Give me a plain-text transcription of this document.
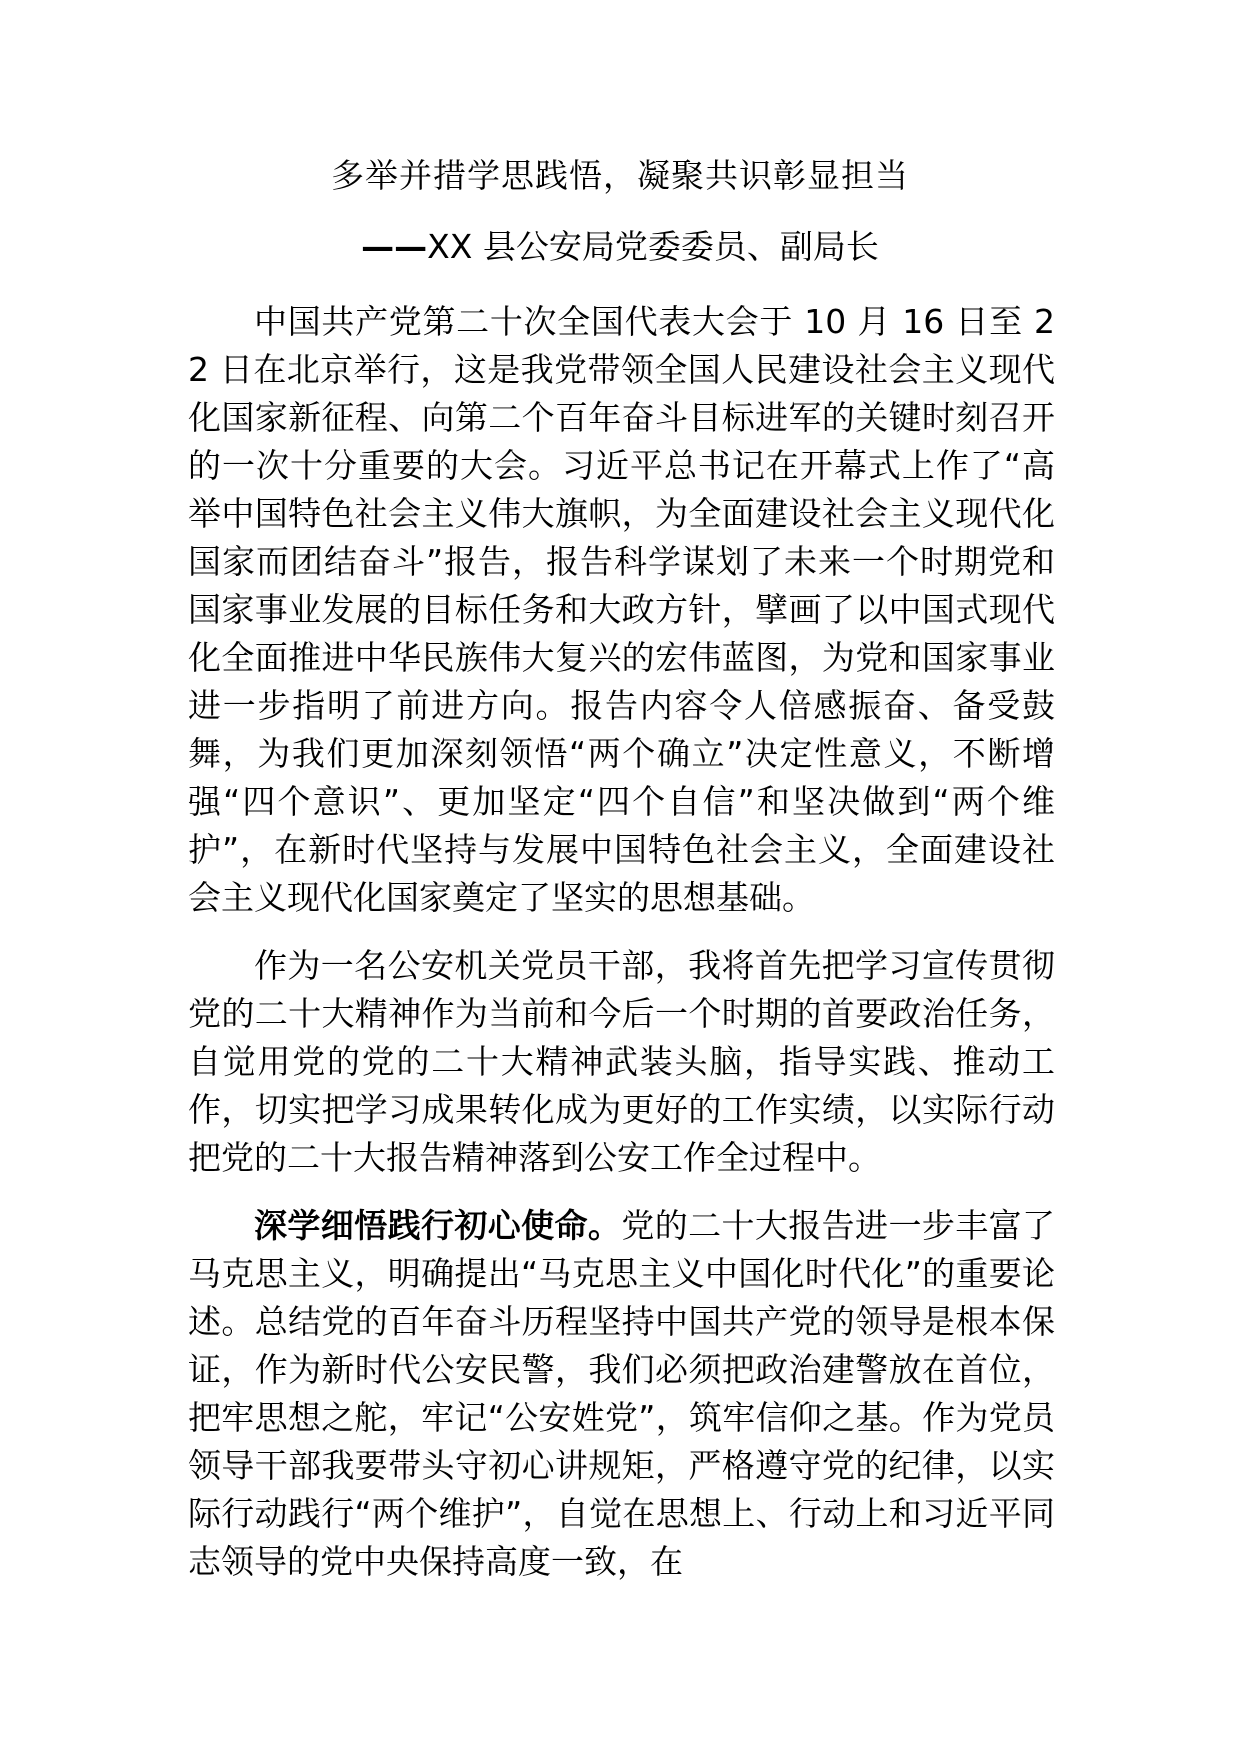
多举并措学思践悟，凝聚共识彰显担当
——XX 县公安局党委委员、副局长

中国共产党第二十次全国代表大会于 10 月 16 日至 22 日在北京举行，这是我党带领全国人民建设社会主义现代化国家新征程、向第二个百年奋斗目标进军的关键时刻召开的一次十分重要的大会。习近平总书记在开幕式上作了“高举中国特色社会主义伟大旗帜，为全面建设社会主义现代化国家而团结奋斗”报告，报告科学谋划了未来一个时期党和国家事业发展的目标任务和大政方针，擘画了以中国式现代化全面推进中华民族伟大复兴的宏伟蓝图，为党和国家事业进一步指明了前进方向。报告内容令人倍感振奋、备受鼓舞，为我们更加深刻领悟“两个确立”决定性意义，不断增强“四个意识”、更加坚定“四个自信”和坚决做到“两个维护”，在新时代坚持与发展中国特色社会主义，全面建设社会主义现代化国家奠定了坚实的思想基础。

作为一名公安机关党员干部，我将首先把学习宣传贯彻党的二十大精神作为当前和今后一个时期的首要政治任务，自觉用党的党的二十大精神武装头脑，指导实践、推动工作，切实把学习成果转化成为更好的工作实绩，以实际行动把党的二十大报告精神落到公安工作全过程中。

深学细悟践行初心使命。党的二十大报告进一步丰富了马克思主义，明确提出“马克思主义中国化时代化”的重要论述。总结党的百年奋斗历程坚持中国共产党的领导是根本保证，作为新时代公安民警，我们必须把政治建警放在首位，把牢思想之舵，牢记“公安姓党”，筑牢信仰之基。作为党员领导干部我要带头守初心讲规矩，严格遵守党的纪律，以实际行动践行“两个维护”，自觉在思想上、行动上和习近平同志领导的党中央保持高度一致，在
